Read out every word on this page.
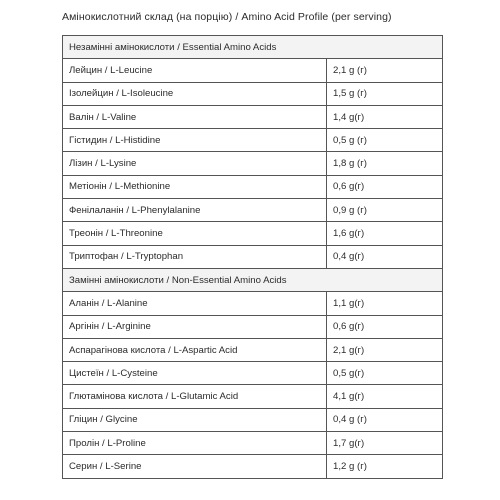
Амінокислотний склад (на порцію) / Amino Acid Profile (per serving)
Незамінні амінокислоти / Essential Amino Acids	
Лейцин / L-Leucine	2,1 g (г)
Ізолейцин / L-Isoleucine	1,5 g (г)
Валін / L-Valine	1,4 g(г)
Гістидин / L-Histidine	0,5 g (г)
Лізин / L-Lysine	1,8 g (г)
Метіонін / L-Methionine	0,6 g(г)
Фенілаланін / L-Phenylalanine	0,9 g (г)
Треонін / L-Threonine	1,6 g(г)
Триптофан / L-Tryptophan	0,4 g(г)
Замінні амінокислоти / Non-Essential Amino Acids	
Аланін / L-Alanine	1,1 g(г)
Аргінін / L-Arginine	0,6 g(г)
Аспарагінова кислота / L-Aspartic Acid	2,1 g(г)
Цистеїн / L-Cysteine	0,5 g(г)
Глютамінова кислота / L-Glutamic Acid	4,1 g(г)
Гліцин / Glycine	0,4 g (г)
Пролін / L-Proline	1,7 g(г)
Серин / L-Serine	1,2 g (г)
